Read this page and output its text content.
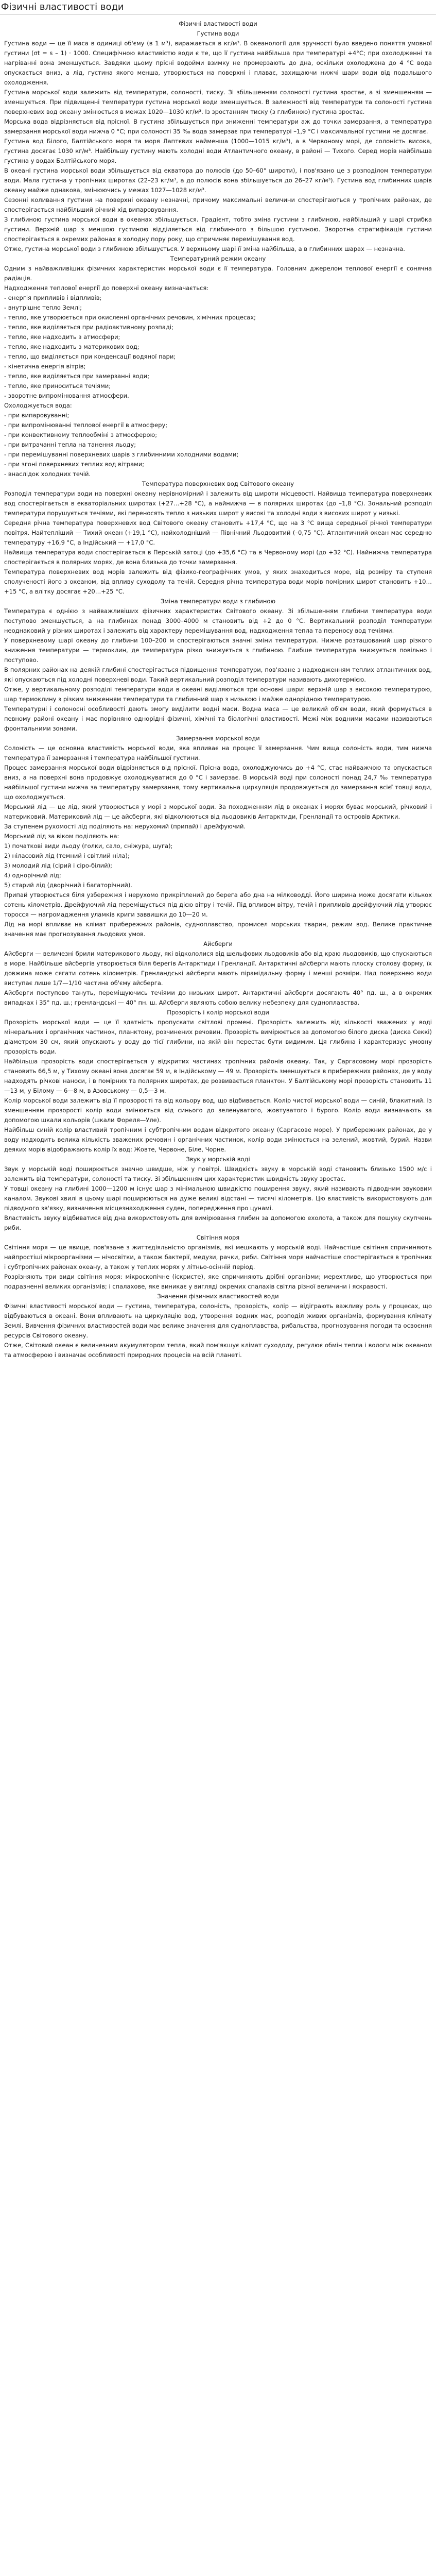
Фізичні властивості води

Фізичні властивості води

Густина води

Густина води — це її маса в одиниці об'єму (в 1 м³), виражається в кг/м³. В океанології для зручності було введено поняття умовної густини (σt = s – 1) · 1000. Специфічною властивістю води є те, що її густина найбільша при температурі +4°С; при охолодженні та нагріванні вона зменшується. Завдяки цьому прісні водойми взимку не промерзають до дна, оскільки охолоджена до 4 °С вода опускається вниз, а лід, густина якого менша, утворюється на поверхні і плаває, захищаючи нижчі шари води від подальшого охолодження.

Густина морської води залежить від температури, солоності, тиску. Зі збільшенням солоності густина зростає, а зі зменшенням — зменшується. При підвищенні температури густина морської води зменшується. В залежності від температури та солоності густина поверхневих вод океану змінюється в межах 1020—1030 кг/м³. Із зростанням тиску (з глибиною) густина зростає.

Морська вода відрізняється від прісної. В густина збільшується при зниженні температури аж до точки замерзання, а температура замерзання морської води нижча 0 °С; при солоності 35 ‰ вода замерзає при температурі –1,9 °С і максимальної густини не досягає.

Густина вод Білого, Балтійського моря та моря Лаптєвих найменша (1000—1015 кг/м³), а в Червоному морі, де солоність висока, густина досягає 1030 кг/м³. Найбільшу густину мають холодні води Атлантичного океану, в районі — Тихого. Серед морів найбільша густина у водах Балтійського моря.

В океані густина морської води збільшується від екватора до полюсів (до 50–60° широти), і пов'язано це з розподілом температури води. Мала густина у тропічних широтах (22–23 кг/м³, а до полюсів вона збільшується до 26–27 кг/м³). Густина вод глибинних шарів океану майже однакова, змінюючись у межах 1027—1028 кг/м³.

Сезонні коливання густини на поверхні океану незначні, причому максимальні величини спостерігаються у тропічних районах, де спостерігається найбільший річний хід випаровування.

З глибиною густина морської води в океанах збільшується. Градієнт, тобто зміна густини з глибиною, найбільший у шарі стрибка густини. Верхній шар з меншою густиною відділяється від глибинного з більшою густиною. Зворотна стратифікація густини спостерігається в окремих районах в холодну пору року, що спричиняє перемішування вод.

Отже, густина морської води з глибиною збільшується. У верхньому шарі її зміна найбільша, а в глибинних шарах — незначна.

Температурний режим океану

Одним з найважливіших фізичних характеристик морської води є її температура. Головним джерелом теплової енергії є сонячна радіація.

Надходження теплової енергії до поверхні океану визначається:

- енергія припливів і відпливів;

- внутрішнє тепло Землі;

- тепло, яке утворюється при окисленні органічних речовин, хімічних процесах;

- тепло, яке виділяється при радіоактивному розпаді;

- тепло, яке надходить з атмосфери;

- тепло, яке надходить з материкових вод;

- тепло, що виділяється при конденсації водяної пари;

- кінетична енергія вітрів;

- тепло, яке виділяється при замерзанні води;

- тепло, яке приноситься течіями;

- зворотне випромінювання атмосфери.

Охолоджується вода:

- при випаровуванні;

- при випромінюванні теплової енергії в атмосферу;

- при конвективному теплообміні з атмосферою;

- при витрачанні тепла на танення льоду;

- при перемішуванні поверхневих шарів з глибинними холодними водами;

- при згоні поверхневих теплих вод вітрами;

- внаслідок холодних течій.

Температура поверхневих вод Світового океану

Розподіл температури води на поверхні океану нерівномірний і залежить від широти місцевості. Найвища температура поверхневих вод спостерігається в екваторіальних широтах (+27…+28 °С), а найнижча — в полярних широтах (до –1,8 °С). Зональний розподіл температури порушується течіями, які переносять тепло з низьких широт у високі та холодні води з високих широт у низькі.

Середня річна температура поверхневих вод Світового океану становить +17,4 °С, що на 3 °С вища середньої річної температури повітря. Найтепліший — Тихий океан (+19,1 °С), найхолодніший — Північний Льодовитий (–0,75 °С). Атлантичний океан має середню температуру +16,9 °С, а Індійський — +17,0 °С.

Найвища температура води спостерігається в Перській затоці (до +35,6 °С) та в Червоному морі (до +32 °С). Найнижча температура спостерігається в полярних морях, де вона близька до точки замерзання.

Температура поверхневих вод морів залежить від фізико-географічних умов, у яких знаходиться море, від розміру та ступеня сполученості його з океаном, від впливу суходолу та течій. Середня річна температура води морів помірних широт становить +10…+15 °С, а влітку досягає +20…+25 °С.

Зміна температури води з глибиною

Температура є однією з найважливіших фізичних характеристик Світового океану. Зі збільшенням глибини температура води поступово зменшується, а на глибинах понад 3000–4000 м становить від +2 до 0 °С. Вертикальний розподіл температури неоднаковий у різних широтах і залежить від характеру перемішування вод, надходження тепла та переносу вод течіями.

У поверхневому шарі океану до глибини 100–200 м спостерігаються значні зміни температури. Нижче розташований шар різкого зниження температури — термоклин, де температура різко знижується з глибиною. Глибше температура знижується повільно і поступово.

В полярних районах на деякій глибині спостерігається підвищення температури, пов'язане з надходженням теплих атлантичних вод, які опускаються під холодні поверхневі води. Такий вертикальний розподіл температури називають дихотермією.

Отже, у вертикальному розподілі температури води в океані виділяються три основні шари: верхній шар з високою температурою, шар термоклину з різким зниженням температури та глибинний шар з низькою і майже однорідною температурою.

Температурні і солоносні особливості дають змогу виділити водні маси. Водна маса — це великий об'єм води, який формується в певному районі океану і має порівняно однорідні фізичні, хімічні та біологічні властивості. Межі між водними масами називаються фронтальними зонами.

Замерзання морської води

Солоність — це основна властивість морської води, яка впливає на процес її замерзання. Чим вища солоність води, тим нижча температура її замерзання і температура найбільшої густини.

Процес замерзання морської води відрізняється від прісної. Прісна вода, охолоджуючись до +4 °С, стає найважчою та опускається вниз, а на поверхні вона продовжує охолоджуватися до 0 °С і замерзає. В морській воді при солоності понад 24,7 ‰ температура найбільшої густини нижча за температуру замерзання, тому вертикальна циркуляція продовжується до замерзання всієї товщі води, що охолоджується.

Морський лід — це лід, який утворюється у морі з морської води. За походженням лід в океанах і морях буває морський, річковий і материковий. Материковий лід — це айсберги, які відколюються від льодовиків Антарктиди, Гренландії та островів Арктики.

За ступенем рухомості лід поділяють на: нерухомий (припай) і дрейфуючий.

Морський лід за віком поділяють на:

1) початкові види льоду (голки, сало, сніжура, шуга);

2) ніласовий лід (темний і світлий ніла);

3) молодий лід (сірий і сіро-білий);

4) однорічний лід;

5) старий лід (дворічний і багаторічний).

Припай утворюється біля узбережжя і нерухомо прикріплений до берега або дна на мілководді. Його ширина може досягати кількох сотень кілометрів. Дрейфуючий лід переміщується під дією вітру і течій. Під впливом вітру, течій і припливів дрейфуючий лід утворює торосся — нагромадження уламків криги заввишки до 10—20 м.

Лід на морі впливає на клімат прибережних районів, судноплавство, промисел морських тварин, режим вод. Велике практичне значення має прогнозування льодових умов.

Айсберги

Айсберги — величезні брили материкового льоду, які відкололися від шельфових льодовиків або від краю льодовиків, що спускаються в море. Найбільше айсбергів утворюється біля берегів Антарктиди і Гренландії. Антарктичні айсберги мають плоску столову форму, їх довжина може сягати сотень кілометрів. Гренландські айсберги мають пірамідальну форму і менші розміри. Над поверхнею води виступає лише 1/7—1/10 частина об'єму айсберга.

Айсберги поступово тануть, переміщуючись течіями до низьких широт. Антарктичні айсберги досягають 40° пд. ш., а в окремих випадках і 35° пд. ш.; гренландські — 40° пн. ш. Айсберги являють собою велику небезпеку для судноплавства.

Прозорість і колір морської води

Прозорість морської води — це її здатність пропускати світлові промені. Прозорість залежить від кількості зважених у воді мінеральних і органічних частинок, планктону, розчинених речовин. Прозорість вимірюється за допомогою білого диска (диска Секкі) діаметром 30 см, який опускають у воду до тієї глибини, на якій він перестає бути видимим. Ця глибина і характеризує умовну прозорість води.

Найбільша прозорість води спостерігається у відкритих частинах тропічних районів океану. Так, у Саргасовому морі прозорість становить 66,5 м, у Тихому океані вона досягає 59 м, в Індійському — 49 м. Прозорість зменшується в прибережних районах, де у воду надходять річкові наноси, і в помірних та полярних широтах, де розвивається планктон. У Балтійському морі прозорість становить 11—13 м, у Білому — 6—8 м, в Азовському — 0,5—3 м.

Колір морської води залежить від її прозорості та від кольору вод, що відбивається. Колір чистої морської води — синій, блакитний. Із зменшенням прозорості колір води змінюється від синього до зеленуватого, жовтуватого і бурого. Колір води визначають за допомогою шкали кольорів (шкали Фореля—Уле).

Найбільш синій колір властивий тропічним і субтропічним водам відкритого океану (Саргасове море). У прибережних районах, де у воду надходить велика кількість зважених речовин і органічних частинок, колір води змінюється на зелений, жовтий, бурий. Назви деяких морів відображають колір їх вод: Жовте, Червоне, Біле, Чорне.

Звук у морській воді

Звук у морській воді поширюється значно швидше, ніж у повітрі. Швидкість звуку в морській воді становить близько 1500 м/с і залежить від температури, солоності та тиску. Зі збільшенням цих характеристик швидкість звуку зростає.

У товщі океану на глибині 1000—1200 м існує шар з мінімальною швидкістю поширення звуку, який називають підводним звуковим каналом. Звукові хвилі в цьому шарі поширюються на дуже великі відстані — тисячі кілометрів. Цю властивість використовують для підводного зв'язку, визначення місцезнаходження суден, попередження про цунамі.

Властивість звуку відбиватися від дна використовують для вимірювання глибин за допомогою ехолота, а також для пошуку скупчень риби.

Світіння моря

Світіння моря — це явище, пов'язане з життєдіяльністю організмів, які мешкають у морській воді. Найчастіше світіння спричиняють найпростіші мікроорганізми — нічосвітки, а також бактерії, медузи, рачки, риби. Світіння моря найчастіше спостерігається в тропічних і субтропічних районах океану, а також у теплих морях у літньо-осінній період.

Розрізняють три види світіння моря: мікроскопічне (іскристе), яке спричиняють дрібні організми; мерехтливе, що утворюється при подразненні великих організмів; і спалахове, яке виникає у вигляді окремих спалахів світла різної величини і яскравості.

Значення фізичних властивостей води

Фізичні властивості морської води — густина, температура, солоність, прозорість, колір — відіграють важливу роль у процесах, що відбуваються в океані. Вони впливають на циркуляцію вод, утворення водних мас, розподіл живих організмів, формування клімату Землі. Вивчення фізичних властивостей води має велике значення для судноплавства, рибальства, прогнозування погоди та освоєння ресурсів Світового океану.

Отже, Світовий океан є величезним акумулятором тепла, який пом'якшує клімат суходолу, регулює обмін тепла і вологи між океаном та атмосферою і визначає особливості природних процесів на всій планеті.
